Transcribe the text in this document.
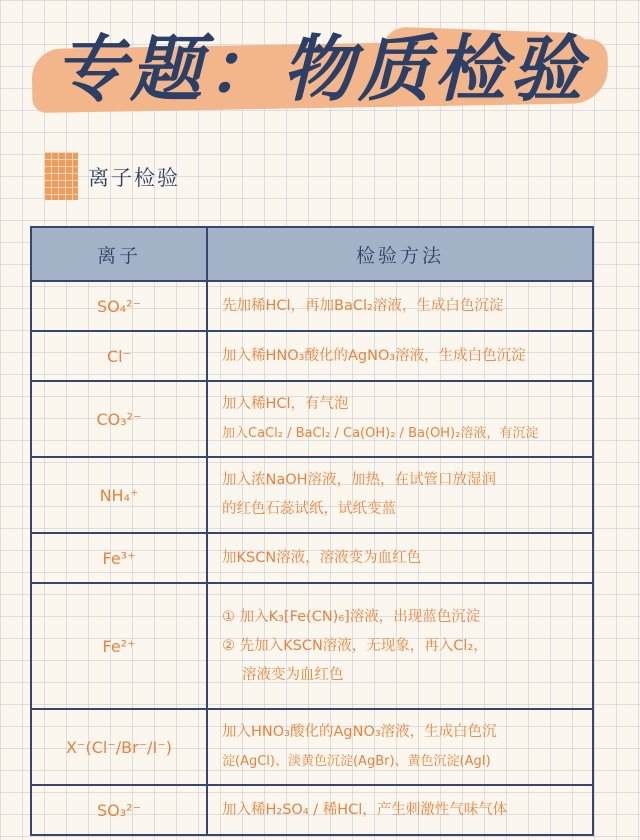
专题：物质检验
离子检验
离子	检验方法
SO₄²⁻	先加稀HCl，再加BaCl₂溶液，生成白色沉淀

Cl⁻	加入稀HNO₃酸化的AgNO₃溶液，生成白色沉淀

CO₃²⁻	加入稀HCl，有气泡
加入CaCl₂ / BaCl₂ / Ca(OH)₂ / Ba(OH)₂溶液，有沉淀

NH₄⁺	加入浓NaOH溶液，加热，在试管口放湿润
的红色石蕊试纸，试纸变蓝

Fe³⁺	加KSCN溶液，溶液变为血红色

Fe²⁺	① 加入K₃[Fe(CN)₆]溶液，出现蓝色沉淀
② 先加入KSCN溶液，无现象，再入Cl₂，
溶液变为血红色

X⁻(Cl⁻/Br⁻/I⁻)	加入HNO₃酸化的AgNO₃溶液，生成白色沉
淀(AgCl)、淡黄色沉淀(AgBr)、黄色沉淀(AgI)

SO₃²⁻	加入稀H₂SO₄ / 稀HCl，产生刺激性气味气体
